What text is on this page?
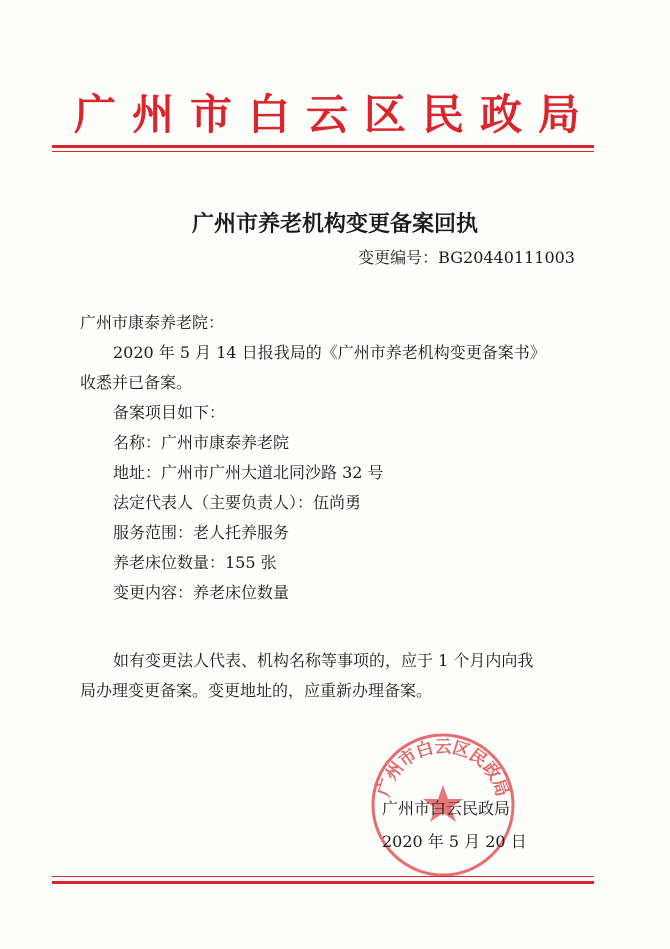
广州市白云区民政局
广州市养老机构变更备案回执
变更编号：BG20440111003
广州市康泰养老院：
2020 年 5 月 14 日报我局的《广州市养老机构变更备案书》
收悉并已备案。
备案项目如下：
名称：广州市康泰养老院
地址：广州市广州大道北同沙路 32 号
法定代表人（主要负责人）：伍尚勇
服务范围：老人托养服务
养老床位数量：155 张
变更内容：养老床位数量
如有变更法人代表、机构名称等事项的，应于 1 个月内向我
局办理变更备案。变更地址的，应重新办理备案。
广州市白云区民政局
广州市白云民政局
2020 年 5 月 20 日
